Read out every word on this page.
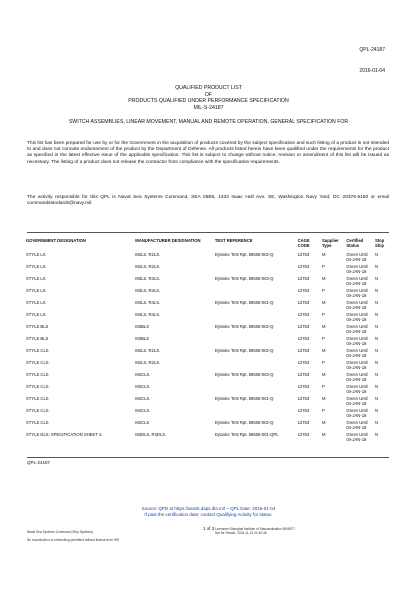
QPL-24187
2016-01-04
QUALIFIED PRODUCT LIST
OF
PRODUCTS QUALIFIED UNDER PERFORMANCE SPECIFICATION
MIL-S-24187
SWITCH ASSEMBLIES, LINEAR MOVEMENT, MANUAL AND REMOTE OPERATION, GENERAL SPECIFICATION FOR
This list has been prepared for use by or for the Government in the acquisition of products covered by the subject specification and such listing of a product is not intended to and does not connote endorsement of the product by the Department of Defense. All products listed herein have been qualified under the requirements for the product as specified in the latest effective issue of the applicable specification. This list is subject to change without notice; revision or amendment of this list will be issued as necessary. The listing of a product does not release the contractor from compliance with the specification requirements.
The activity responsible for this QPL is Naval Sea Systems Command, SEA 05B5, 1333 Isaac Hull Ave. SE, Washington Navy Yard, DC 20376-5160 or email commandstandards@navy.mil.
GOVERNMENT DESIGNATION	MANUFACTURER DESIGNATION	TEST REFERENCE	CAGE CODE	Supplier Type	Certified Status	Stop Ship
STYLE LS	M2LS, R2LS.	Dynalec Test Rpt. 66505-002-Q	12763	M	Green Until 04-JAN-18	N
STYLE LS	M2LS, R2LS.		12763	P	Green Until 04-JAN-18	N
STYLE LS	M3LS, R3LS.	Dynalec Test Rpt. 66505-003-Q	12763	M	Green Until 04-JAN-18	N
STYLE LS	M3LS, R3LS.		12763	P	Green Until 04-JAN-18	N
STYLE LS	M4LS, R4LS.	Dynalec Test Rpt. 66505-001-Q	12763	M	Green Until 04-JAN-18	N
STYLE LS	M4LS, R4LS.		12763	P	Green Until 04-JAN-18	N
STYLE BLS	M3BLS	Dynalec Test Rpt. 66505-002-Q	12763	M	Green Until 04-JAN-18	N
STYLE BLS	M3BLS		12763	P	Green Until 04-JAN-18	N
STYLE CLS	M2LS, R2LS.	Dynalec Test Rpt. 66505-002-Q	12763	M	Green Until 04-JAN-18	N
STYLE CLS	M2LS, R2LS.		12763	P	Green Until 04-JAN-18	N
STYLE CLS	M3CLS.	Dynalec Test Rpt. 66505-003-Q	12763	M	Green Until 04-JAN-18	N
STYLE CLS	M3CLS.		12763	P	Green Until 04-JAN-18	N
STYLE CLS	M4CLS.	Dynalec Test Rpt. 66505-001-Q	12763	M	Green Until 04-JAN-18	N
STYLE CLS	M4CLS.		12763	P	Green Until 04-JAN-18	N
STYLE CLS	M2CLS	Dynalec Test Rpt. 66505-002-Q	12763	M	Green Until 04-JAN-18	N
STYLE DLS: SPECIFICATION SHEET 4.	M3DLS, R3DLS.	Dynalec Test Rpt. 66506-001-QPL	12763	M	Green Until 04-JAN-18	N
QPL-24187
Source: QPD at https://assist.daps.dla.mil -- QPL Date: 2016-01-04
If past the certification date; contact Qualifying Activity for status.
1 of 3
Naval Sea Systems Command (Ship Systems)
No reproduction or networking permitted without license from IHS
Licensee=Shanghai Institute of Standardization 5908977
Not for Resale, 2016-11-13 21:30:46
